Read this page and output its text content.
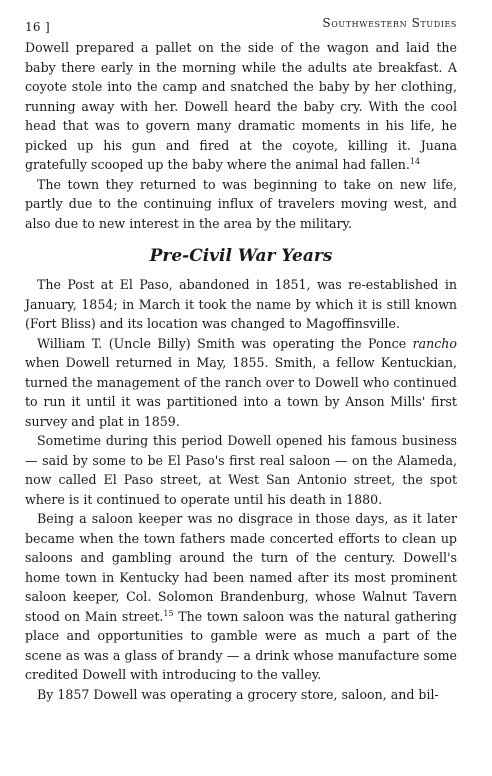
16 ]	Southwestern Studies

Dowell prepared a pallet on the side of the wagon and laid the baby there early in the morning while the adults ate breakfast. A coyote stole into the camp and snatched the baby by her clothing, running away with her. Dowell heard the baby cry. With the cool head that was to govern many dramatic moments in his life, he picked up his gun and fired at the coyote, killing it. Juana gratefully scooped up the baby where the animal had fallen.$^{14}$

The town they returned to was beginning to take on new life, partly due to the continuing influx of travelers moving west, and also due to new interest in the area by the military.

Pre-Civil War Years

The Post at El Paso, abandoned in 1851, was re-established in January, 1854; in March it took the name by which it is still known (Fort Bliss) and its location was changed to Magoffinsville.

William T. (Uncle Billy) Smith was operating the Ponce rancho when Dowell returned in May, 1855. Smith, a fellow Kentuckian, turned the management of the ranch over to Dowell who continued to run it until it was partitioned into a town by Anson Mills' first survey and plat in 1859.

Sometime during this period Dowell opened his famous business — said by some to be El Paso's first real saloon — on the Alameda, now called El Paso street, at West San Antonio street, the spot where is it continued to operate until his death in 1880.

Being a saloon keeper was no disgrace in those days, as it later became when the town fathers made concerted efforts to clean up saloons and gambling around the turn of the century. Dowell's home town in Kentucky had been named after its most prominent saloon keeper, Col. Solomon Brandenburg, whose Walnut Tavern stood on Main street.$^{15}$ The town saloon was the natural gathering place and opportunities to gamble were as much a part of the scene as was a glass of brandy — a drink whose manufacture some credited Dowell with introducing to the valley.

By 1857 Dowell was operating a grocery store, saloon, and bil-
